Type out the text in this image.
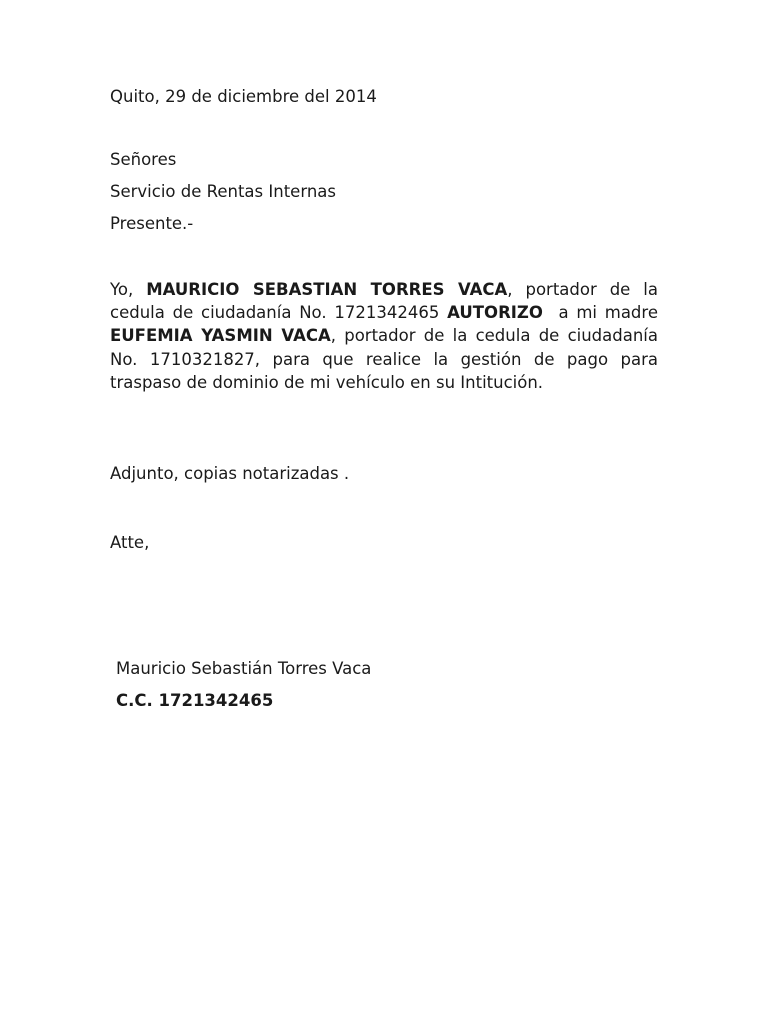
Quito, 29 de diciembre del 2014
Señores
Servicio de Rentas Internas
Presente.-
Yo, MAURICIO SEBASTIAN TORRES VACA, portador de la cedula de ciudadanía No. 1721342465 AUTORIZO  a mi madre EUFEMIA YASMIN VACA, portador de la cedula de ciudadanía No. 1710321827, para que realice la gestión de pago para traspaso de dominio de mi vehículo en su Intitución.
Adjunto, copias notarizadas .
Atte,
Mauricio Sebastián Torres Vaca
C.C. 1721342465
